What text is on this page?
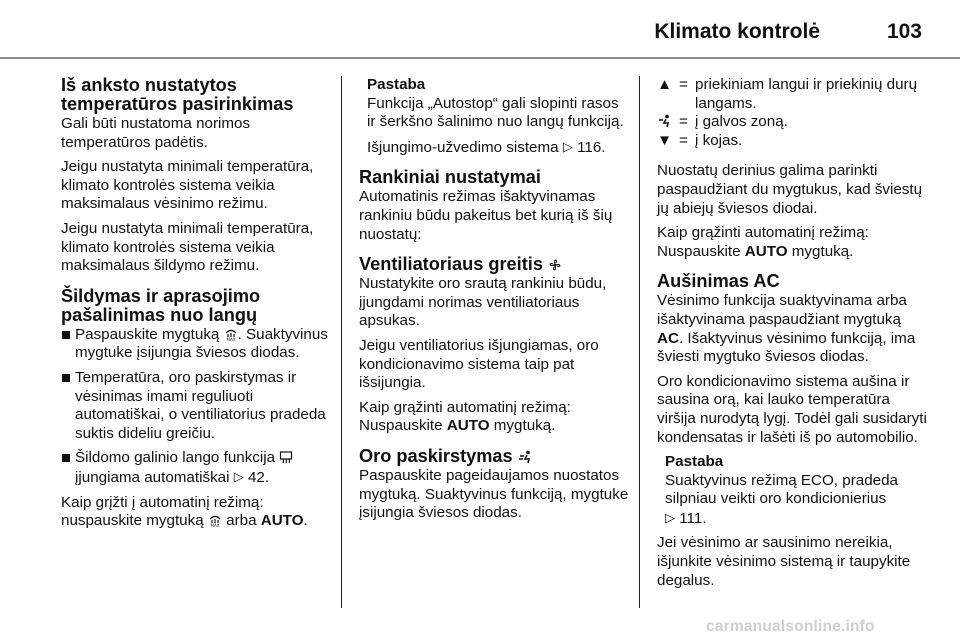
Klimato kontrolė	103
Iš anksto nustatytos temperatūros pasirinkimas

Gali būti nustatoma norimos temperatūros padėtis.

Jeigu nustatyta minimali temperatūra, klimato kontrolės sistema veikia maksimalaus vėsinimo režimu.

Jeigu nustatyta minimali temperatūra, klimato kontrolės sistema veikia maksimalaus šildymo režimu.

Šildymas ir aprasojimo pašalinimas nuo langų
Paspauskite mygtuką MAX . Suaktyvinus mygtuke įsijungia šviesos diodas.
Temperatūra, oro paskirstymas ir vėsinimas imami reguliuoti automatiškai, o ventiliatorius pradeda suktis dideliu greičiu.
Šildomo galinio lango funkcija  įjungiama automatiškai ▷ 42.

Kaip grįžti į automatinį režimą: nuspauskite mygtuką MAX arba AUTO.

Pastaba

Funkcija „Autostop“ gali slopinti rasos ir šerkšno šalinimo nuo langų funkciją.

Išjungimo-užvedimo sistema ▷ 116.

Rankiniai nustatymai

Automatinis režimas išaktyvinamas rankiniu būdu pakeitus bet kurią iš šių nuostatų:

Ventiliatoriaus greitis

Nustatykite oro srautą rankiniu būdu, įjungdami norimas ventiliatoriaus apsukas.

Jeigu ventiliatorius išjungiamas, oro kondicionavimo sistema taip pat išsijungia.

Kaip grąžinti automatinį režimą: Nuspauskite AUTO mygtuką.

Oro paskirstymas

Paspauskite pageidaujamos nuostatos mygtuką. Suaktyvinus funkciją, mygtuke įsijungia šviesos diodas.

▲ = priekiniam langui ir priekinių durų langams.
= į galvos zoną.
▼ = į kojas.

Nuostatų derinius galima parinkti paspaudžiant du mygtukus, kad šviestų jų abiejų šviesos diodai.

Kaip grąžinti automatinį režimą: Nuspauskite AUTO mygtuką.

Aušinimas AC

Vėsinimo funkcija suaktyvinama arba išaktyvinama paspaudžiant mygtuką AC. Išaktyvinus vėsinimo funkciją, ima šviesti mygtuko šviesos diodas.

Oro kondicionavimo sistema aušina ir sausina orą, kai lauko temperatūra viršija nurodytą lygį. Todėl gali susidaryti kondensatas ir lašėti iš po automobilio.

Pastaba

Suaktyvinus režimą ECO, pradeda silpniau veikti oro kondicionierius
▷ 111.

Jei vėsinimo ar sausinimo nereikia, išjunkite vėsinimo sistemą ir taupykite degalus.

carmanualsonline.info
